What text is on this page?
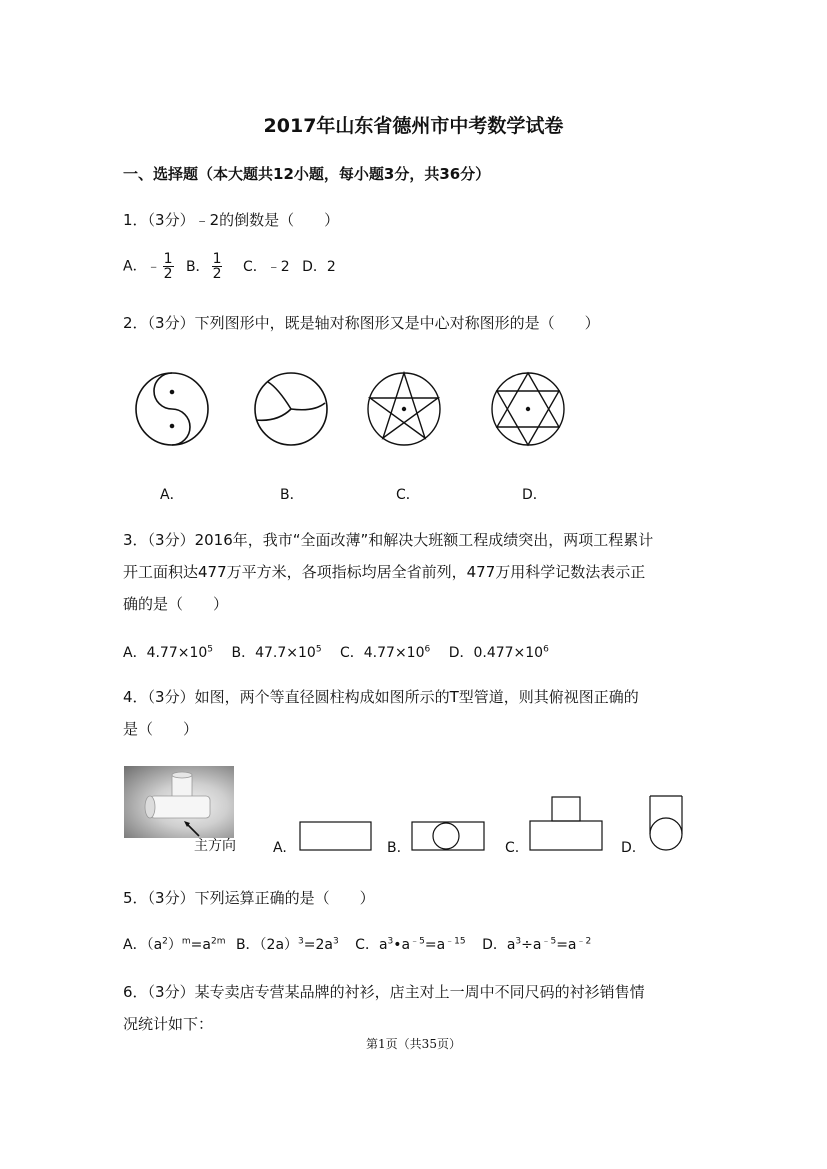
2017年山东省德州市中考数学试卷
一、选择题（本大题共12小题，每小题3分，共36分）
1．（3分）﹣2的倒数是（　　）
A．﹣ $\frac{1}{2}$ B． $\frac{1}{2}$ C．﹣2 D．2
2．（3分）下列图形中，既是轴对称图形又是中心对称图形的是（　　）
A．	B．	C．	D．
3．（3分）2016年，我市“全面改薄”和解决大班额工程成绩突出，两项工程累计
开工面积达477万平方米，各项指标均居全省前列，477万用科学记数法表示正
确的是（　　）
A．$4.77\times 10^5$ B．$47.7\times 10^5$ C．$4.77\times 10^6$ D．$0.477\times 10^6$
4．（3分）如图，两个等直径圆柱构成如图所示的T型管道，则其俯视图正确的
是（　　）
主方向	A.	B.	C.	D.
5．（3分）下列运算正确的是（　　）
A．$(a^2)^m=a^{2m}$ B．$(2a)^3=2a^3$ C．$a^3•a^{﹣5}=a^{﹣15}$ D．$a^3\div a^{﹣5}=a^{﹣2}$
6．（3分）某专卖店专营某品牌的衬衫，店主对上一周中不同尺码的衬衫销售情
况统计如下：
第1页（共35页）
